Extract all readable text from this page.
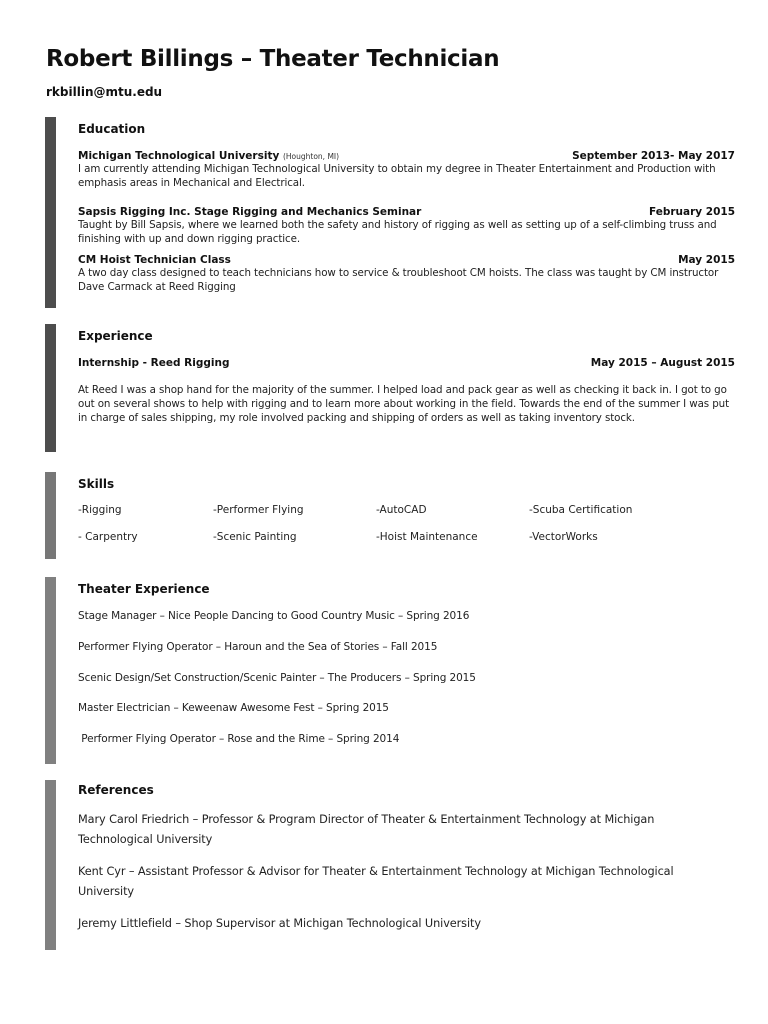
Robert Billings – Theater Technician
rkbillin@mtu.edu
Education
Michigan Technological University (Houghton, MI)	September 2013- May 2017
I am currently attending Michigan Technological University to obtain my degree in Theater Entertainment and Production with emphasis areas in Mechanical and Electrical.
Sapsis Rigging Inc. Stage Rigging and Mechanics Seminar	February 2015
Taught by Bill Sapsis, where we learned both the safety and history of rigging as well as setting up of a self-climbing truss and finishing with up and down rigging practice.
CM Hoist Technician Class	May 2015
A two day class designed to teach technicians how to service & troubleshoot CM hoists. The class was taught by CM instructor Dave Carmack at Reed Rigging
Experience
Internship - Reed Rigging	May 2015 – August 2015
At Reed I was a shop hand for the majority of the summer. I helped load and pack gear as well as checking it back in. I got to go out on several shows to help with rigging and to learn more about working in the field. Towards the end of the summer I was put in charge of sales shipping, my role involved packing and shipping of orders as well as taking inventory stock.
Skills
-Rigging	-Performer Flying	-AutoCAD	-Scuba Certification
- Carpentry	-Scenic Painting	-Hoist Maintenance	-VectorWorks
Theater Experience
Stage Manager – Nice People Dancing to Good Country Music – Spring 2016
Performer Flying Operator – Haroun and the Sea of Stories – Fall 2015
Scenic Design/Set Construction/Scenic Painter – The Producers – Spring 2015
Master Electrician – Keweenaw Awesome Fest – Spring 2015
Performer Flying Operator – Rose and the Rime – Spring 2014
References
Mary Carol Friedrich – Professor & Program Director of Theater & Entertainment Technology at Michigan Technological University
Kent Cyr – Assistant Professor & Advisor for Theater & Entertainment Technology at Michigan Technological University
Jeremy Littlefield – Shop Supervisor at Michigan Technological University
